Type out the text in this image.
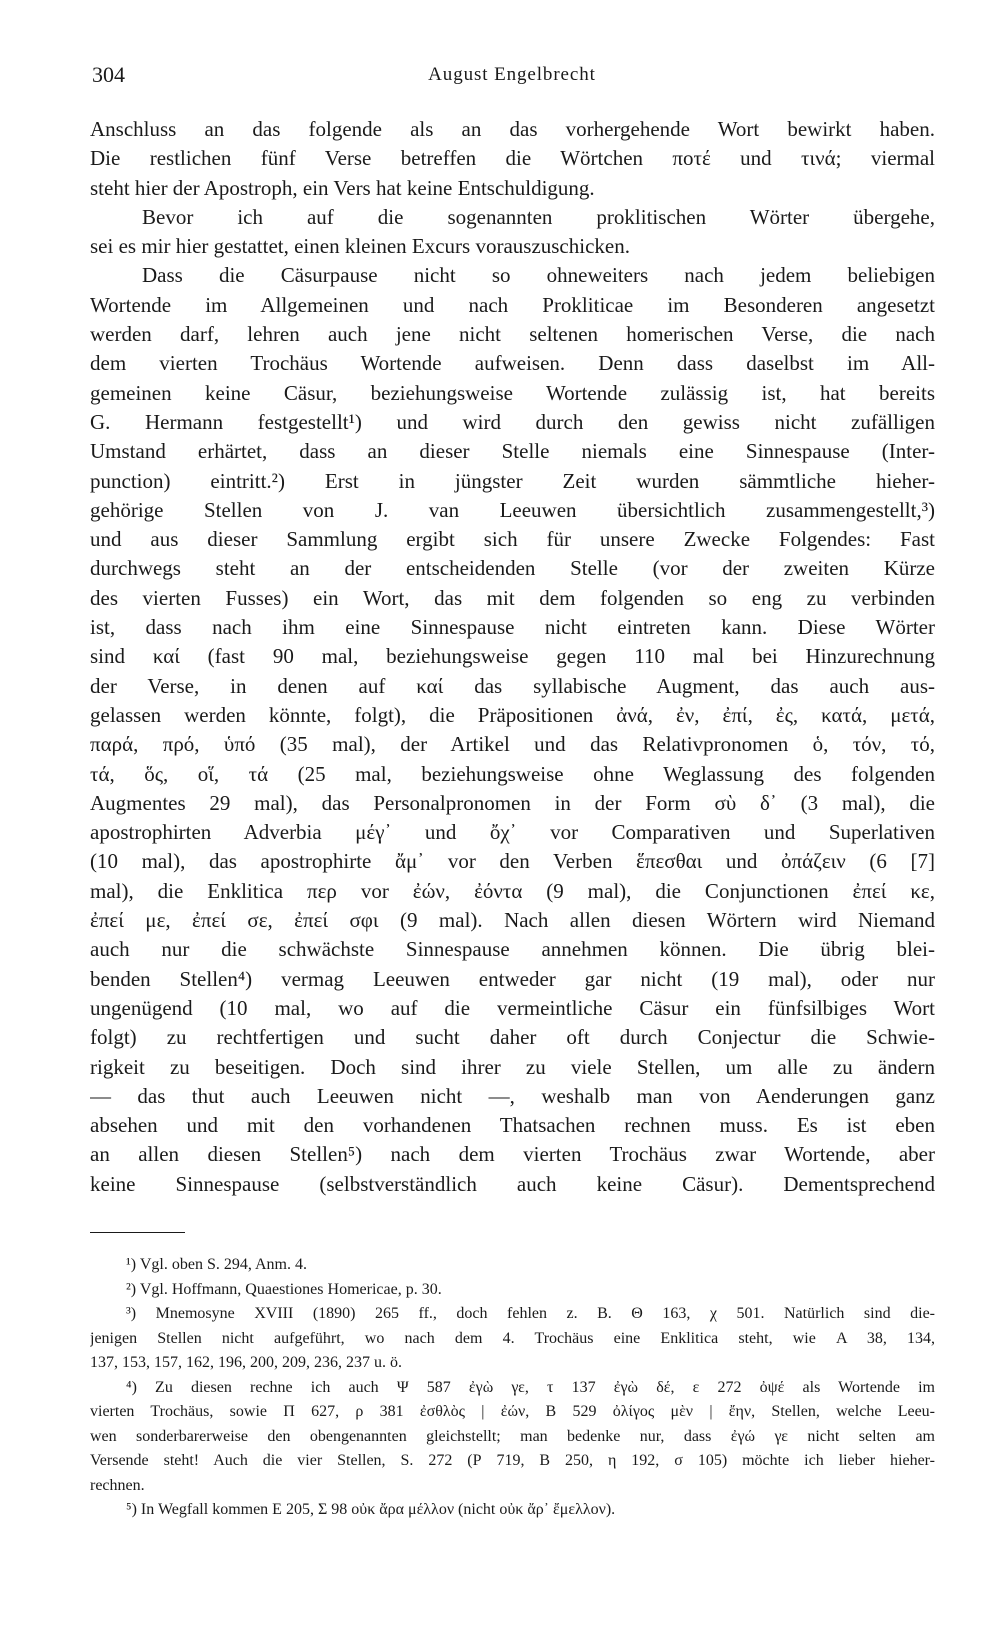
304	August Engelbrecht
Anschluss an das folgende als an das vorhergehende Wort bewirkt haben.
Die restlichen fünf Verse betreffen die Wörtchen ποτέ und τινά; viermal
steht hier der Apostroph, ein Vers hat keine Entschuldigung.
Bevor ich auf die sogenannten proklitischen Wörter übergehe,
sei es mir hier gestattet, einen kleinen Excurs vorauszuschicken.
Dass die Cäsurpause nicht so ohneweiters nach jedem beliebigen
Wortende im Allgemeinen und nach Prokliticae im Besonderen angesetzt
werden darf, lehren auch jene nicht seltenen homerischen Verse, die nach
dem vierten Trochäus Wortende aufweisen. Denn dass daselbst im All-
gemeinen keine Cäsur, beziehungsweise Wortende zulässig ist, hat bereits
G. Hermann festgestellt¹) und wird durch den gewiss nicht zufälligen
Umstand erhärtet, dass an dieser Stelle niemals eine Sinnespause (Inter-
punction) eintritt.²) Erst in jüngster Zeit wurden sämmtliche hieher-
gehörige Stellen von J. van Leeuwen übersichtlich zusammengestellt,³)
und aus dieser Sammlung ergibt sich für unsere Zwecke Folgendes: Fast
durchwegs steht an der entscheidenden Stelle (vor der zweiten Kürze
des vierten Fusses) ein Wort, das mit dem folgenden so eng zu verbinden
ist, dass nach ihm eine Sinnespause nicht eintreten kann. Diese Wörter
sind καί (fast 90 mal, beziehungsweise gegen 110 mal bei Hinzurechnung
der Verse, in denen auf καί das syllabische Augment, das auch aus-
gelassen werden könnte, folgt), die Präpositionen ἀνά, ἐν, ἐπί, ἐς, κατά, μετά,
παρά, πρό, ὑπό (35 mal), der Artikel und das Relativpronomen ὁ, τόν, τό,
τά, ὅς, οἵ, τά (25 mal, beziehungsweise ohne Weglassung des folgenden
Augmentes 29 mal), das Personalpronomen in der Form σὺ δ᾽ (3 mal), die
apostrophirten Adverbia μέγ᾽ und ὄχ᾽ vor Comparativen und Superlativen
(10 mal), das apostrophirte ἄμ᾽ vor den Verben ἕπεσθαι und ὀπάζειν (6 [7]
mal), die Enklitica περ vor ἐών, ἐόντα (9 mal), die Conjunctionen ἐπεί κε,
ἐπεί με, ἐπεί σε, ἐπεί σφι (9 mal). Nach allen diesen Wörtern wird Niemand
auch nur die schwächste Sinnespause annehmen können. Die übrig blei-
benden Stellen⁴) vermag Leeuwen entweder gar nicht (19 mal), oder nur
ungenügend (10 mal, wo auf die vermeintliche Cäsur ein fünfsilbiges Wort
folgt) zu rechtfertigen und sucht daher oft durch Conjectur die Schwie-
rigkeit zu beseitigen. Doch sind ihrer zu viele Stellen, um alle zu ändern
— das thut auch Leeuwen nicht —, weshalb man von Aenderungen ganz
absehen und mit den vorhandenen Thatsachen rechnen muss. Es ist eben
an allen diesen Stellen⁵) nach dem vierten Trochäus zwar Wortende, aber
keine Sinnespause (selbstverständlich auch keine Cäsur). Dementsprechend
¹) Vgl. oben S. 294, Anm. 4.
²) Vgl. Hoffmann, Quaestiones Homericae, p. 30.
³) Mnemosyne XVIII (1890) 265 ff., doch fehlen z. B. Θ 163, χ 501. Natürlich sind die-
jenigen Stellen nicht aufgeführt, wo nach dem 4. Trochäus eine Enklitica steht, wie Α 38, 134,
137, 153, 157, 162, 196, 200, 209, 236, 237 u. ö.
⁴) Zu diesen rechne ich auch Ψ 587 ἐγὼ γε, τ 137 ἐγὼ δέ, ε 272 ὀψέ als Wortende im
vierten Trochäus, sowie Π 627, ρ 381 ἐσθλὸς | ἐών, Β 529 ὀλίγος μὲν | ἔην, Stellen, welche Leeu-
wen sonderbarerweise den obengenannten gleichstellt; man bedenke nur, dass ἐγώ γε nicht selten am
Versende steht! Auch die vier Stellen, S. 272 (Ρ 719, Β 250, η 192, σ 105) möchte ich lieber hieher-
rechnen.
⁵) In Wegfall kommen Ε 205, Σ 98 οὐκ ἄρα μέλλον (nicht οὐκ ἄρ᾽ ἔμελλον).
